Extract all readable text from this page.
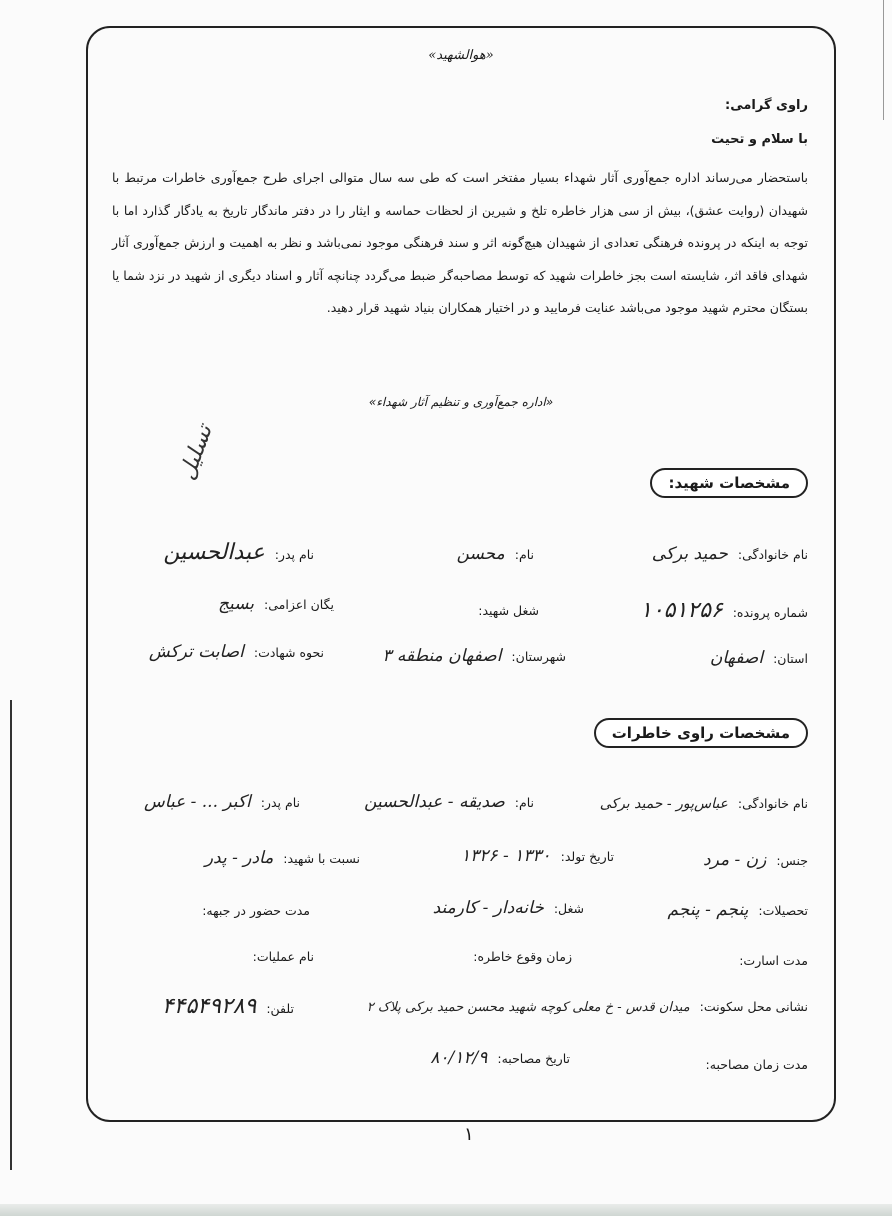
«هوالشهید»
راوی گرامی:
با سلام و تحیت
باستحضار می‌رساند اداره جمع‌آوری آثار شهداء بسیار مفتخر است که طی سه سال متوالی اجرای طرح جمع‌آوری خاطرات مرتبط با شهیدان (روایت عشق)، بیش از سی هزار خاطره تلخ و شیرین از لحظات حماسه و ایثار را در دفتر ماندگار تاریخ به یادگار گذارد اما با توجه به اینکه در پرونده فرهنگی تعدادی از شهیدان هیچ‌گونه اثر و سند فرهنگی موجود نمی‌باشد و نظر به اهمیت و ارزش جمع‌آوری آثار شهدای فاقد اثر، شایسته است بجز خاطرات شهید که توسط مصاحبه‌گر ضبط می‌گردد چنانچه آثار و اسناد دیگری از شهید در نزد شما یا بستگان محترم شهید موجود می‌باشد عنایت فرمایید و در اختیار همکاران بنیاد شهید قرار دهید.
«اداره جمع‌آوری و تنظیم آثار شهداء»
تسلیل	مشخصات شهید:
نام خانوادگی: حمید برکی
نام: محسن
نام پدر: عبدالحسین
شماره پرونده: ۱۰۵۱۲۵۶
شغل شهید:
یگان اعزامی: بسیج
استان: اصفهان
شهرستان: اصفهان منطقه ۳
نحوه شهادت: اصابت ترکش
مشخصات راوی خاطرات
نام خانوادگی: عباس‌پور - حمید برکی
نام: صدیقه - عبدالحسین
نام پدر: اکبر ... - عباس
جنس: زن - مرد
تاریخ تولد: ۱۳۳۰ - ۱۳۲۶
نسبت با شهید: مادر - پدر
تحصیلات: پنجم - پنجم
شغل: خانه‌دار - کارمند
مدت حضور در جبهه:
مدت اسارت:
زمان وقوع خاطره:
نام عملیات:
نشانی محل سکونت: میدان قدس - خ معلی کوچه شهید محسن حمید برکی پلاک ۲
تلفن: ۴۴۵۴۹۲۸۹
مدت زمان مصاحبه:
تاریخ مصاحبه: ۸۰/۱۲/۹
۱
